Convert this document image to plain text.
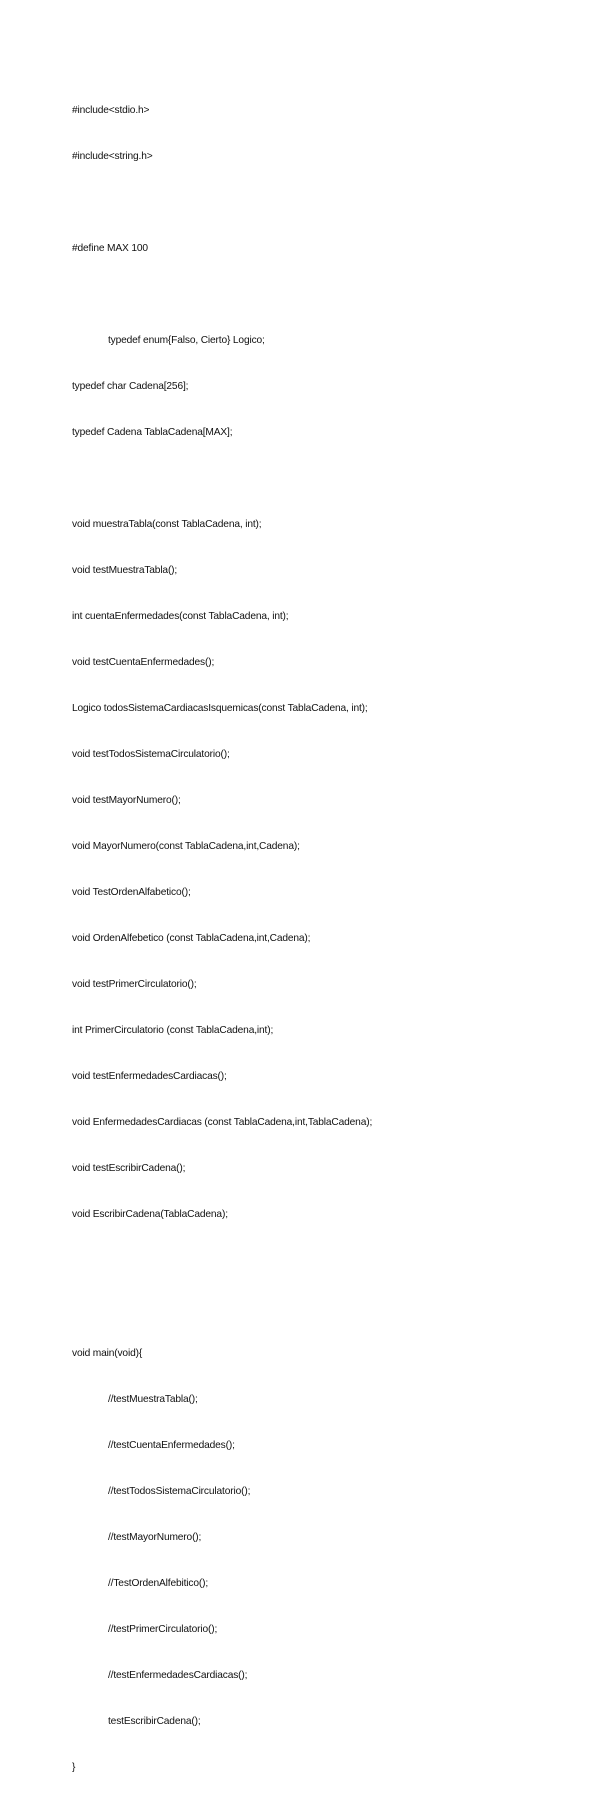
#include<stdio.h>

#include<string.h>

#define MAX 100

typedef enum{Falso, Cierto} Logico;

typedef char Cadena[256];

typedef Cadena TablaCadena[MAX];

void muestraTabla(const TablaCadena, int);

void testMuestraTabla();

int cuentaEnfermedades(const TablaCadena, int);

void testCuentaEnfermedades();

Logico todosSistemaCardiacasIsquemicas(const TablaCadena, int);

void testTodosSistemaCirculatorio();

void testMayorNumero();

void MayorNumero(const TablaCadena,int,Cadena);

void TestOrdenAlfabetico();

void OrdenAlfebetico (const TablaCadena,int,Cadena);

void testPrimerCirculatorio();

int PrimerCirculatorio (const TablaCadena,int);

void testEnfermedadesCardiacas();

void EnfermedadesCardiacas (const TablaCadena,int,TablaCadena);

void testEscribirCadena();

void EscribirCadena(TablaCadena);

void main(void){

//testMuestraTabla();

//testCuentaEnfermedades();

//testTodosSistemaCirculatorio();

//testMayorNumero();

//TestOrdenAlfebitico();

//testPrimerCirculatorio();

//testEnfermedadesCardiacas();

testEscribirCadena();

}
